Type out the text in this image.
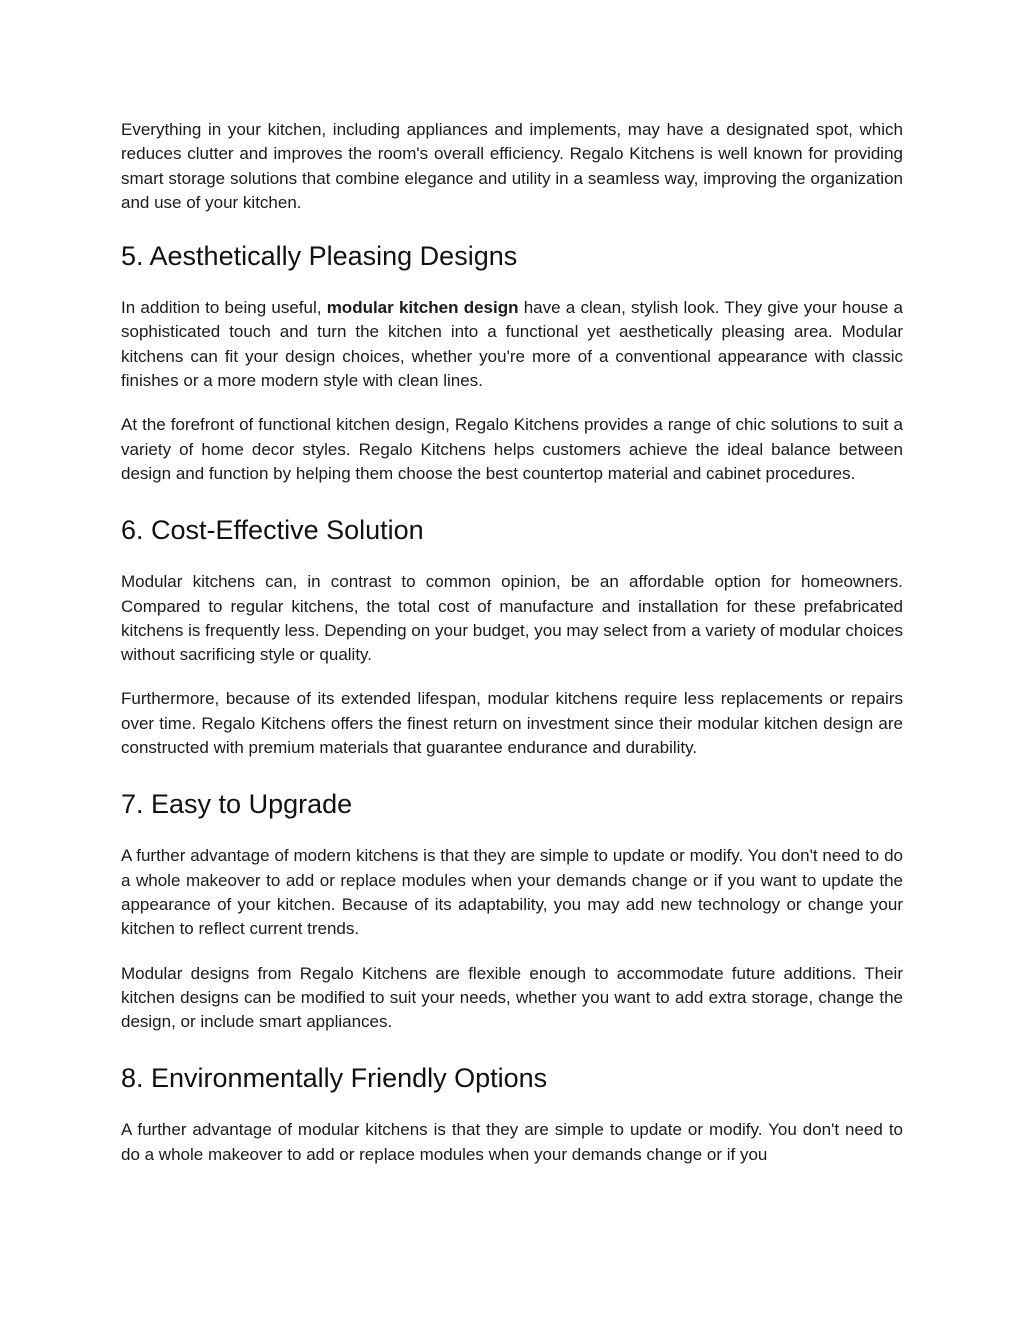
Everything in your kitchen, including appliances and implements, may have a designated spot, which reduces clutter and improves the room's overall efficiency. Regalo Kitchens is well known for providing smart storage solutions that combine elegance and utility in a seamless way, improving the organization and use of your kitchen.

5. Aesthetically Pleasing Designs

In addition to being useful, modular kitchen design have a clean, stylish look. They give your house a sophisticated touch and turn the kitchen into a functional yet aesthetically pleasing area. Modular kitchens can fit your design choices, whether you're more of a conventional appearance with classic finishes or a more modern style with clean lines.

At the forefront of functional kitchen design, Regalo Kitchens provides a range of chic solutions to suit a variety of home decor styles. Regalo Kitchens helps customers achieve the ideal balance between design and function by helping them choose the best countertop material and cabinet procedures.

6. Cost-Effective Solution

Modular kitchens can, in contrast to common opinion, be an affordable option for homeowners. Compared to regular kitchens, the total cost of manufacture and installation for these prefabricated kitchens is frequently less. Depending on your budget, you may select from a variety of modular choices without sacrificing style or quality.

Furthermore, because of its extended lifespan, modular kitchens require less replacements or repairs over time. Regalo Kitchens offers the finest return on investment since their modular kitchen design are constructed with premium materials that guarantee endurance and durability.

7. Easy to Upgrade

A further advantage of modern kitchens is that they are simple to update or modify. You don't need to do a whole makeover to add or replace modules when your demands change or if you want to update the appearance of your kitchen. Because of its adaptability, you may add new technology or change your kitchen to reflect current trends.

Modular designs from Regalo Kitchens are flexible enough to accommodate future additions. Their kitchen designs can be modified to suit your needs, whether you want to add extra storage, change the design, or include smart appliances.

8. Environmentally Friendly Options

A further advantage of modular kitchens is that they are simple to update or modify. You don't need to do a whole makeover to add or replace modules when your demands change or if you
